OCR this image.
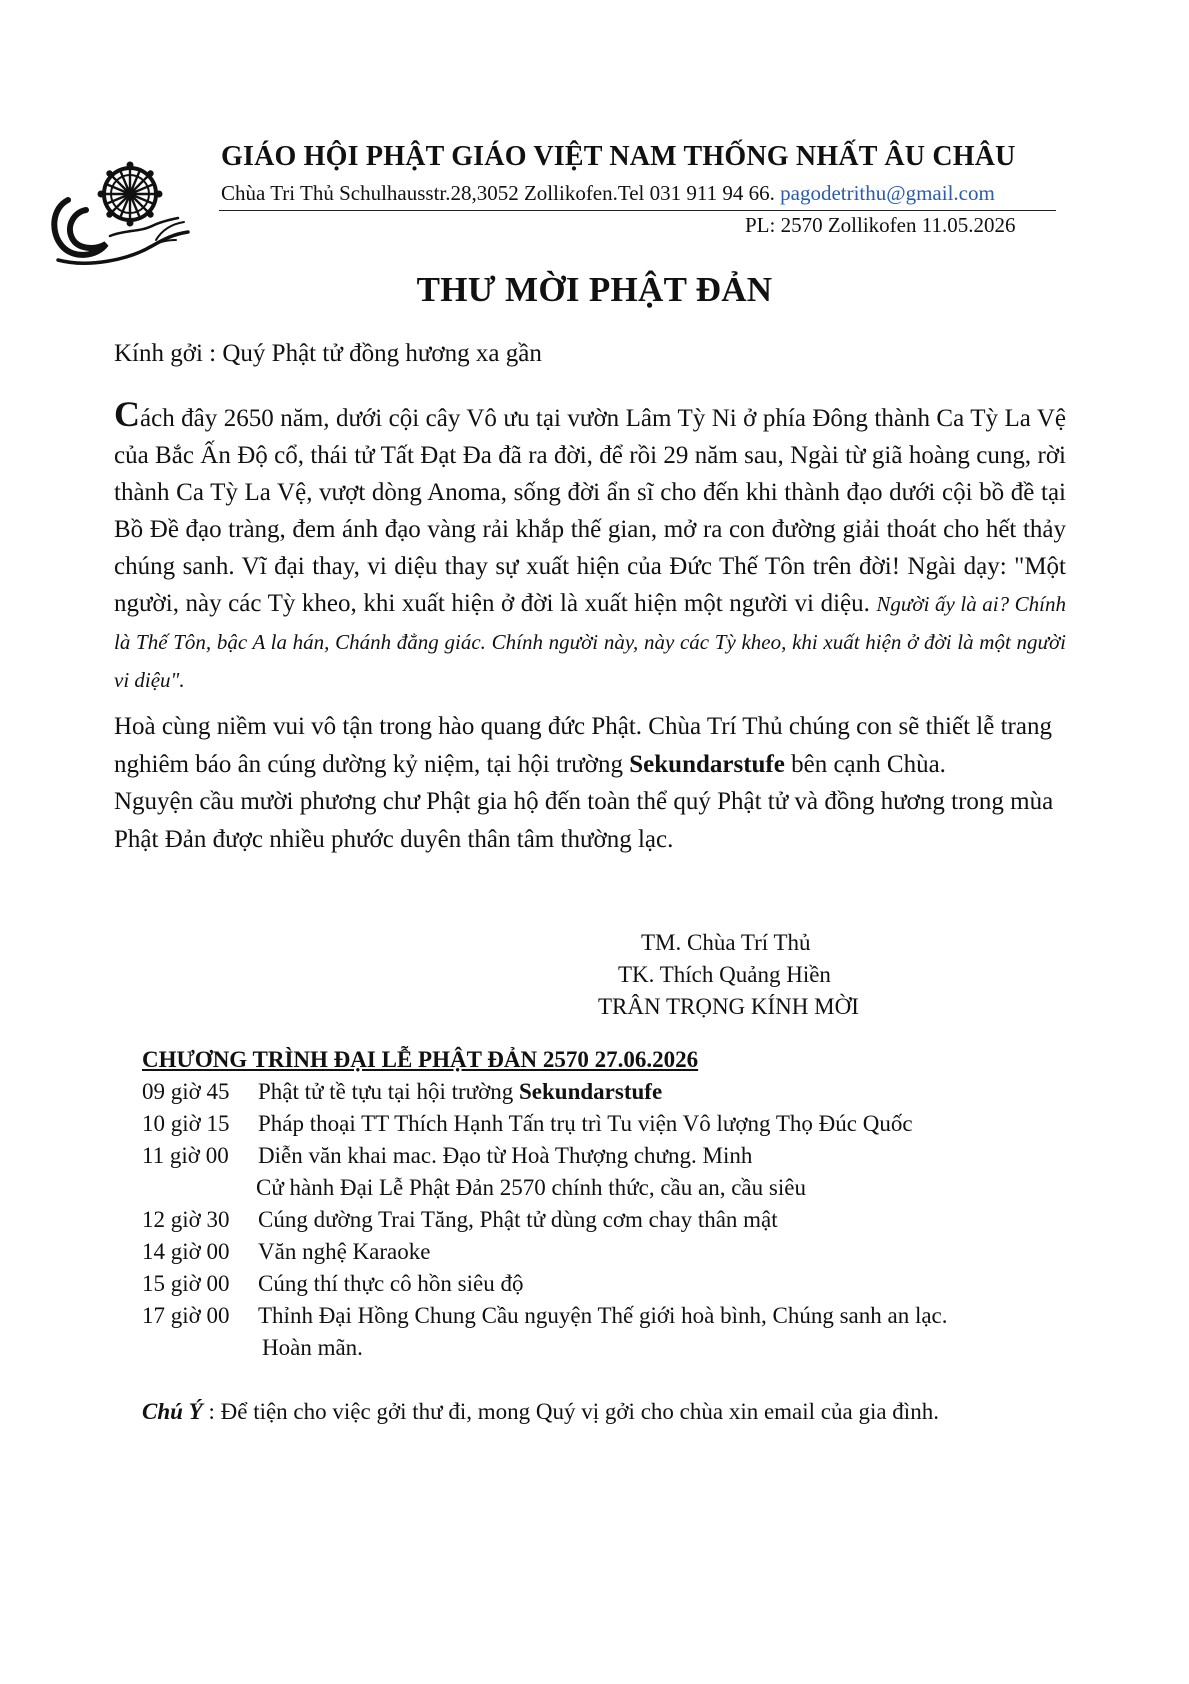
GIÁO HỘI PHẬT GIÁO VIỆT NAM THỐNG NHẤT ÂU CHÂU
Chùa Tri Thủ Schulhausstr.28,3052 Zollikofen.Tel 031 911 94 66. pagodetrithu@gmail.com
PL: 2570 Zollikofen 11.05.2026
THƯ MỜI PHẬT ĐẢN
Kính gởi : Quý Phật tử đồng hương xa gần
Cách đây 2650 năm, dưới cội cây Vô ưu tại vườn Lâm Tỳ Ni ở phía Đông thành Ca Tỳ La Vệ của Bắc Ấn Độ cổ, thái tử Tất Đạt Đa đã ra đời, để rồi 29 năm sau, Ngài từ giã hoàng cung, rời thành Ca Tỳ La Vệ, vượt dòng Anoma, sống đời ẩn sĩ cho đến khi thành đạo dưới cội bồ đề tại Bồ Đề đạo tràng, đem ánh đạo vàng rải khắp thế gian, mở ra con đường giải thoát cho hết thảy chúng sanh. Vĩ đại thay, vi diệu thay sự xuất hiện của Đức Thế Tôn trên đời! Ngài dạy: "Một người, này các Tỳ kheo, khi xuất hiện ở đời là xuất hiện một người vi diệu. Người ấy là ai? Chính là Thế Tôn, bậc A la hán, Chánh đẳng giác. Chính người này, này các Tỳ kheo, khi xuất hiện ở đời là một người vi diệu".
Hoà cùng niềm vui vô tận trong hào quang đức Phật. Chùa Trí Thủ chúng con sẽ thiết lễ trang nghiêm báo ân cúng dường kỷ niệm, tại hội trường Sekundarstufe bên cạnh Chùa.
Nguyện cầu mười phương chư Phật gia hộ đến toàn thể quý Phật tử và đồng hương trong mùa Phật Đản được nhiều phước duyên thân tâm thường lạc.
TM. Chùa Trí Thủ
TK. Thích Quảng Hiền
TRÂN TRỌNG KÍNH MỜI
CHƯƠNG TRÌNH ĐẠI LỄ PHẬT ĐẢN 2570 27.06.2026
09 giờ 45 Phật tử tề tựu tại hội trường Sekundarstufe
10 giờ 15 Pháp thoại TT Thích Hạnh Tấn trụ trì Tu viện Vô lượng Thọ Đúc Quốc
11 giờ 00 Diễn văn khai mac. Đạo từ Hoà Thượng chưng. Minh
Cử hành Đại Lễ Phật Đản 2570 chính thức, cầu an, cầu siêu
12 giờ 30 Cúng dường Trai Tăng, Phật tử dùng cơm chay thân mật
14 giờ 00 Văn nghệ Karaoke
15 giờ 00 Cúng thí thực cô hồn siêu độ
17 giờ 00 Thỉnh Đại Hồng Chung Cầu nguyện Thế giới hoà bình, Chúng sanh an lạc.
Hoàn mãn.
Chú Ý : Để tiện cho việc gởi thư đi, mong Quý vị gởi cho chùa xin email của gia đình.
